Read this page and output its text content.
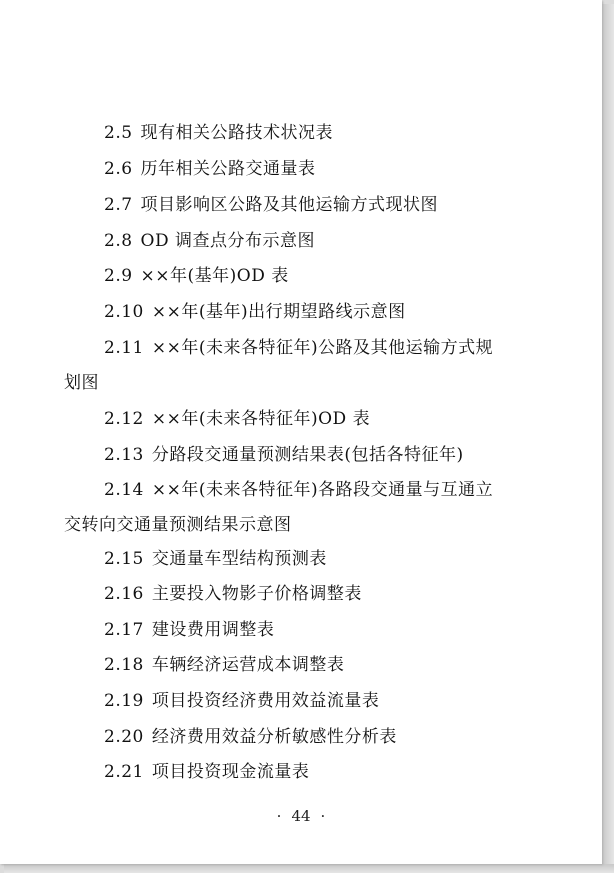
2.5 现有相关公路技术状况表
2.6 历年相关公路交通量表
2.7 项目影响区公路及其他运输方式现状图
2.8 OD 调查点分布示意图
2.9 ××年(基年)OD 表
2.10 ××年(基年)出行期望路线示意图
2.11 ××年(未来各特征年)公路及其他运输方式规
划图
2.12 ××年(未来各特征年)OD 表
2.13 分路段交通量预测结果表(包括各特征年)
2.14 ××年(未来各特征年)各路段交通量与互通立
交转向交通量预测结果示意图
2.15 交通量车型结构预测表
2.16 主要投入物影子价格调整表
2.17 建设费用调整表
2.18 车辆经济运营成本调整表
2.19 项目投资经济费用效益流量表
2.20 经济费用效益分析敏感性分析表
2.21 项目投资现金流量表
· 44 ·
